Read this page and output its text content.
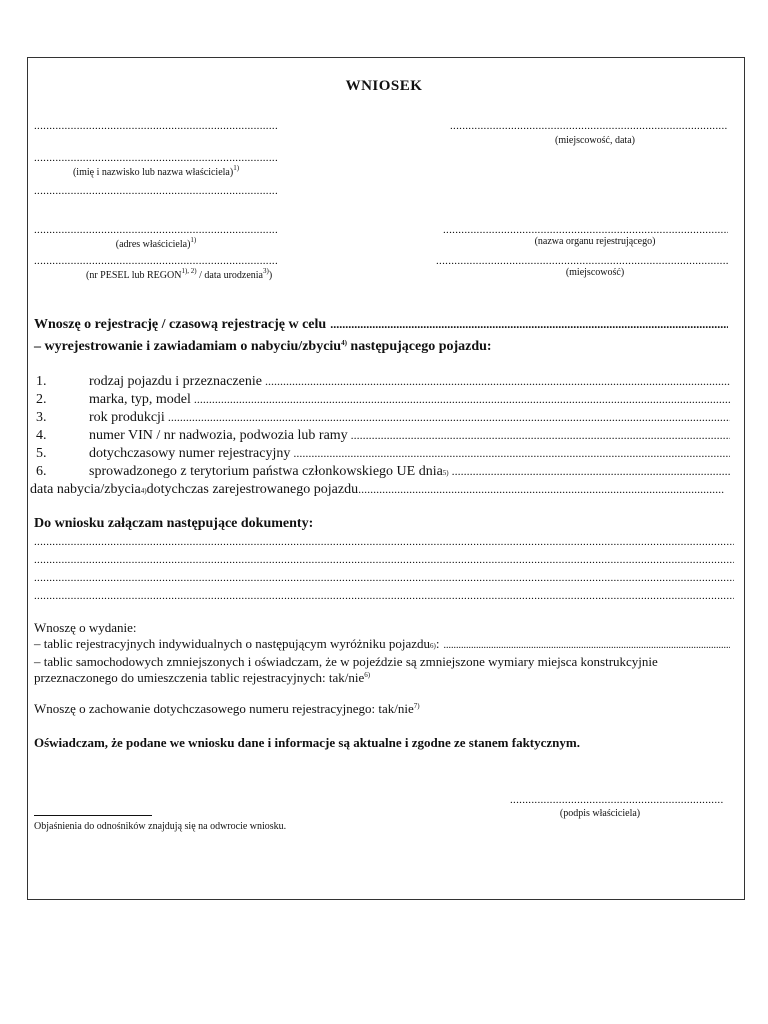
WNIOSEK
.....
.....
(imię i nazwisko lub nazwa właściciela)$^{1)}$
.....
.....
(adres właściciela)$^{1)}$
.....
(nr PESEL lub $REGON^{1), 2)}$ / data urodzenia$^{3)}$)
.....
(miejscowość, data)
.....
(nazwa organu rejestrującego)
.....
(miejscowość)
Wnoszę o rejestrację / czasową rejestrację w celu
.....
– wyrejestrowanie i zawiadamiam o nabyciu/zbyciu$^{4)}$ następującego pojazdu:
1.	rodzaj pojazdu i przeznaczenie
.....
2.	marka, typ, model
.....
3.	rok produkcji
.....
4.	numer VIN / nr nadwozia, podwozia lub ramy
.....
5.	dotychczasowy numer rejestracyjny
.....
6.	sprowadzonego z terytorium państwa członkowskiego UE dnia 5)
.....
data nabycia/zbycia 4) dotychczas zarejestrowanego pojazdu
.....
Do wniosku załączam następujące dokumenty:
.....
.....
.....
.....
Wnoszę o wydanie:
– tablic rejestracyjnych indywidualnych o następującym wyróżniku pojazdu 6) :
.....
– tablic samochodowych zmniejszonych i oświadczam, że w pojeździe są zmniejszone wymiary miejsca konstrukcyjnie
przeznaczonego do umieszczenia tablic rejestracyjnych: tak/nie$^{6)}$
Wnoszę o zachowanie dotychczasowego numeru rejestracyjnego: tak/nie$^{7)}$
Oświadczam, że podane we wniosku dane i informacje są aktualne i zgodne ze stanem faktycznym.
.....
(podpis właściciela)
Objaśnienia do odnośników znajdują się na odwrocie wniosku.
